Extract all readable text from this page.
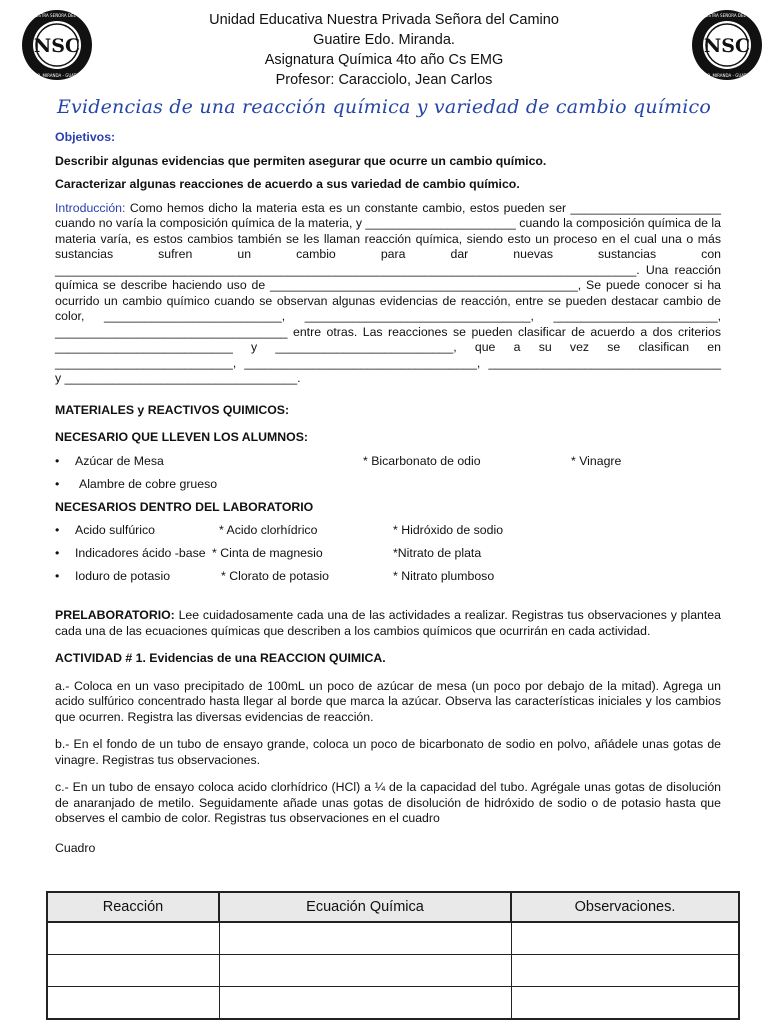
NSC
U.E. NUESTRA SEÑORA DEL CAMINO
EDO. MIRANDA - GUATIRE
NSC
U.E. NUESTRA SEÑORA DEL CAMINO
EDO. MIRANDA - GUATIRE
Unidad Educativa Nuestra Privada Señora del Camino
Guatire Edo. Miranda.
Asignatura Química 4to año Cs EMG
Profesor: Caracciolo, Jean Carlos
Evidencias de una reacción química y variedad de cambio químico
Objetivos:
Describir algunas evidencias que permiten asegurar que ocurre un cambio químico.
Caracterizar algunas reacciones de acuerdo a sus variedad de cambio químico.
Introducción: Como hemos dicho la materia esta es un constante cambio, estos pueden ser ______________________ cuando no varía la composición química de la materia, y ______________________ cuando la composición química de la materia varía, es estos cambios también se les llaman reacción química, siendo esto un proceso en el cual una o más sustancias sufren un cambio para dar nuevas sustancias con _____________________________________________________________________________________. Una reacción química se describe haciendo uso de _____________________________________________, Se puede conocer si ha ocurrido un cambio químico cuando se observan algunas evidencias de reacción, entre se pueden destacar cambio de color, __________________________, _________________________________, ________________________, __________________________________ entre otras. Las reacciones se pueden clasificar de acuerdo a dos criterios __________________________ y __________________________, que a su vez se clasifican en __________________________, __________________________________, __________________________________ y __________________________________.
MATERIALES y REACTIVOS QUIMICOS:
NECESARIO QUE LLEVEN LOS ALUMNOS:
• Azúcar de Mesa	* Bicarbonato de odio	* Vinagre
• Alambre de cobre grueso
NECESARIOS DENTRO DEL LABORATORIO
• Acido sulfúrico	* Acido clorhídrico	* Hidróxido de sodio
• Indicadores ácido -base * Cinta de magnesio	*Nitrato de plata
• Ioduro de potasio	* Clorato de potasio	* Nitrato plumboso
PRELABORATORIO: Lee cuidadosamente cada una de las actividades a realizar. Registras tus observaciones y plantea cada una de las ecuaciones químicas que describen a los cambios químicos que ocurrirán en cada actividad.
ACTIVIDAD # 1. Evidencias de una REACCION QUIMICA.
a.- Coloca en un vaso precipitado de 100mL un poco de azúcar de mesa (un poco por debajo de la mitad). Agrega un acido sulfúrico concentrado hasta llegar al borde que marca la azúcar. Observa las características iniciales y los cambios que ocurren. Registra las diversas evidencias de reacción.
b.- En el fondo de un tubo de ensayo grande, coloca un poco de bicarbonato de sodio en polvo, añádele unas gotas de vinagre. Registras tus observaciones.
c.- En un tubo de ensayo coloca acido clorhídrico (HCl) a ¼ de la capacidad del tubo. Agrégale unas gotas de disolución de anaranjado de metilo. Seguidamente añade unas gotas de disolución de hidróxido de sodio o de potasio hasta que observes el cambio de color. Registras tus observaciones en el cuadro
Cuadro
Reacción	Ecuación Química	Observaciones.
